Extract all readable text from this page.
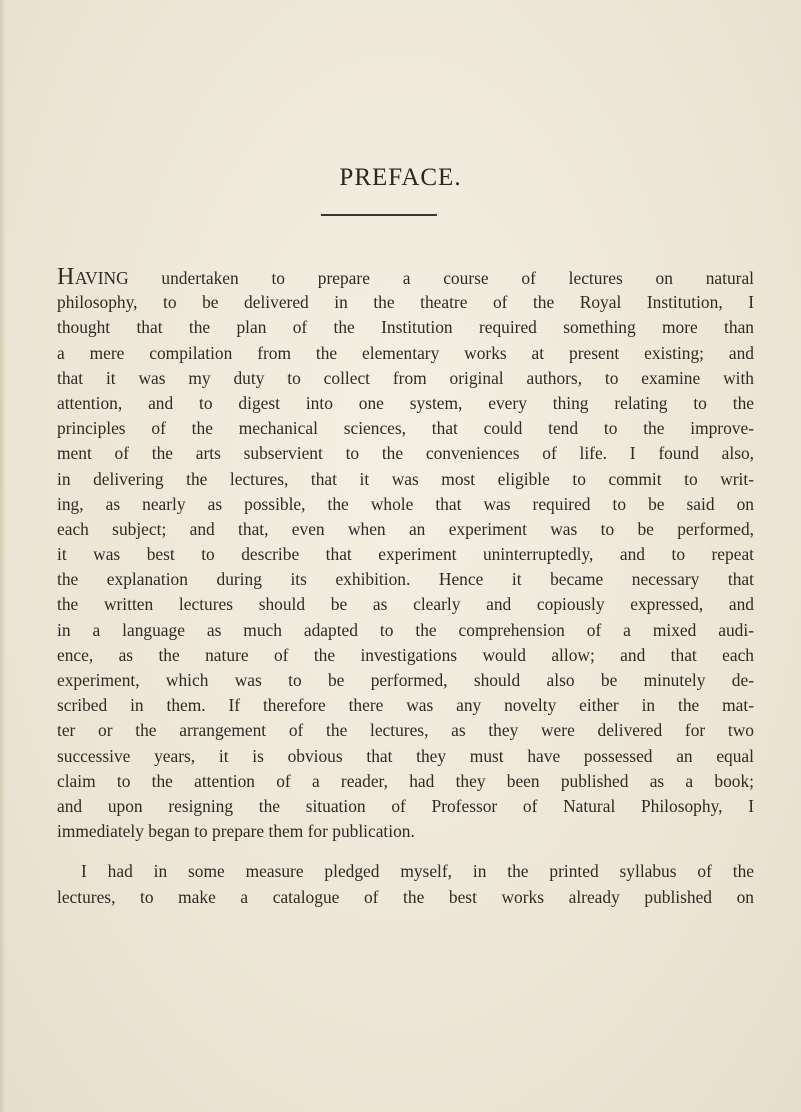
PREFACE.
HAVING undertaken to prepare a course of lectures on natural
philosophy, to be delivered in the theatre of the Royal Institution, I
thought that the plan of the Institution required something more than
a mere compilation from the elementary works at present existing; and
that it was my duty to collect from original authors, to examine with
attention, and to digest into one system, every thing relating to the
principles of the mechanical sciences, that could tend to the improve-
ment of the arts subservient to the conveniences of life. I found also,
in delivering the lectures, that it was most eligible to commit to writ-
ing, as nearly as possible, the whole that was required to be said on
each subject; and that, even when an experiment was to be performed,
it was best to describe that experiment uninterruptedly, and to repeat
the explanation during its exhibition. Hence it became necessary that
the written lectures should be as clearly and copiously expressed, and
in a language as much adapted to the comprehension of a mixed audi-
ence, as the nature of the investigations would allow; and that each
experiment, which was to be performed, should also be minutely de-
scribed in them. If therefore there was any novelty either in the mat-
ter or the arrangement of the lectures, as they were delivered for two
successive years, it is obvious that they must have possessed an equal
claim to the attention of a reader, had they been published as a book;
and upon resigning the situation of Professor of Natural Philosophy, I
immediately began to prepare them for publication.
I had in some measure pledged myself, in the printed syllabus of the
lectures, to make a catalogue of the best works already published on
